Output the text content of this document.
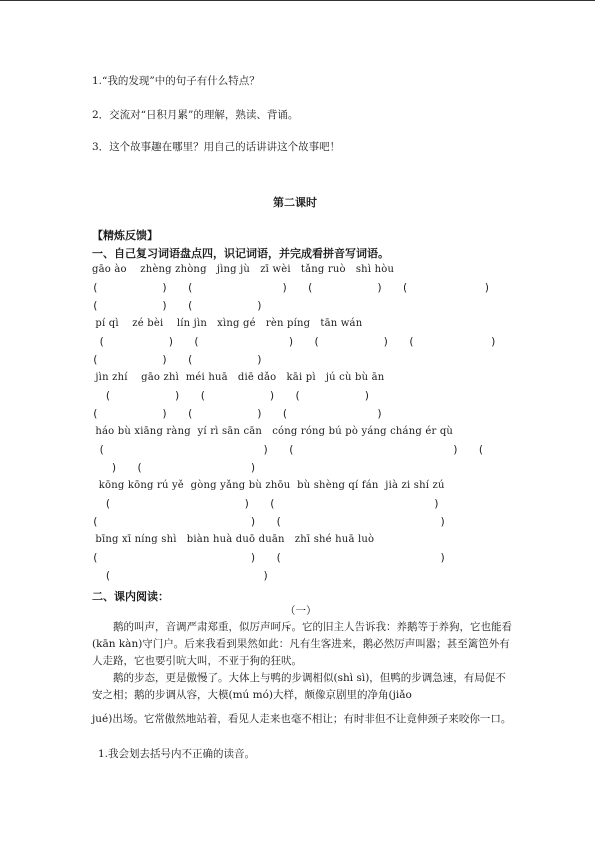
1.“我的发现”中的句子有什么特点？
2．交流对“日积月累”的理解，熟读、背诵。
3．这个故事趣在哪里？用自己的话讲讲这个故事吧！
第二课时
【精炼反馈】
一、自己复习词语盘点四，识记词语，并完成看拼音写词语。
gāo ào    zhèng zhòng   jìng jù   zī wèi   tǎng ruò   shì hòu
(          )   (              )   (          )   (            )
(          )   (          )
pí qì    zé bèi    lín jìn   xìng gé   rèn píng   tān wán
(          )   (              )   (          )   (            )
(          )   (          )
jìn zhí    gāo zhì  méi huā   diē dǎo   kāi pì   jú cù bù ān
(          )   (          )   (          )
(          )   (          )   (              )
háo bù xiāng ràng  yí rì sān cān   cóng róng bú pò yáng cháng ér qù
(                         )   (                         )   (
)   (                 )
kōng kōng rú yě  gòng yǎng bù zhōu  bù shèng qí fán  jià zi shí zú
(                     )   (                         )
(                        )   (                         )
bīng xī níng shì   biàn huà duō duān   zhī shé huā luò
(                        )   (                         )
(                        )
二、课内阅读：
（一）
鹅的叫声，音调严肃郑重，似厉声呵斥。它的旧主人告诉我：养鹅等于养狗，它也能看(kān kàn)守门户。后来我看到果然如此：凡有生客进来，鹅必然厉声叫嚣；甚至篱笆外有人走路，它也要引吭大叫，不亚于狗的狂吠。
鹅的步态，更是傲慢了。大体上与鸭的步调相似(shì sì)，但鸭的步调急速，有局促不安之相；鹅的步调从容，大模(mú mó)大样，颇像京剧里的净角(jiǎo
jué)出场。它常傲然地站着，看见人走来也毫不相让；有时非但不让竟伸颈子来咬你一口。
1.我会划去括号内不正确的读音。
